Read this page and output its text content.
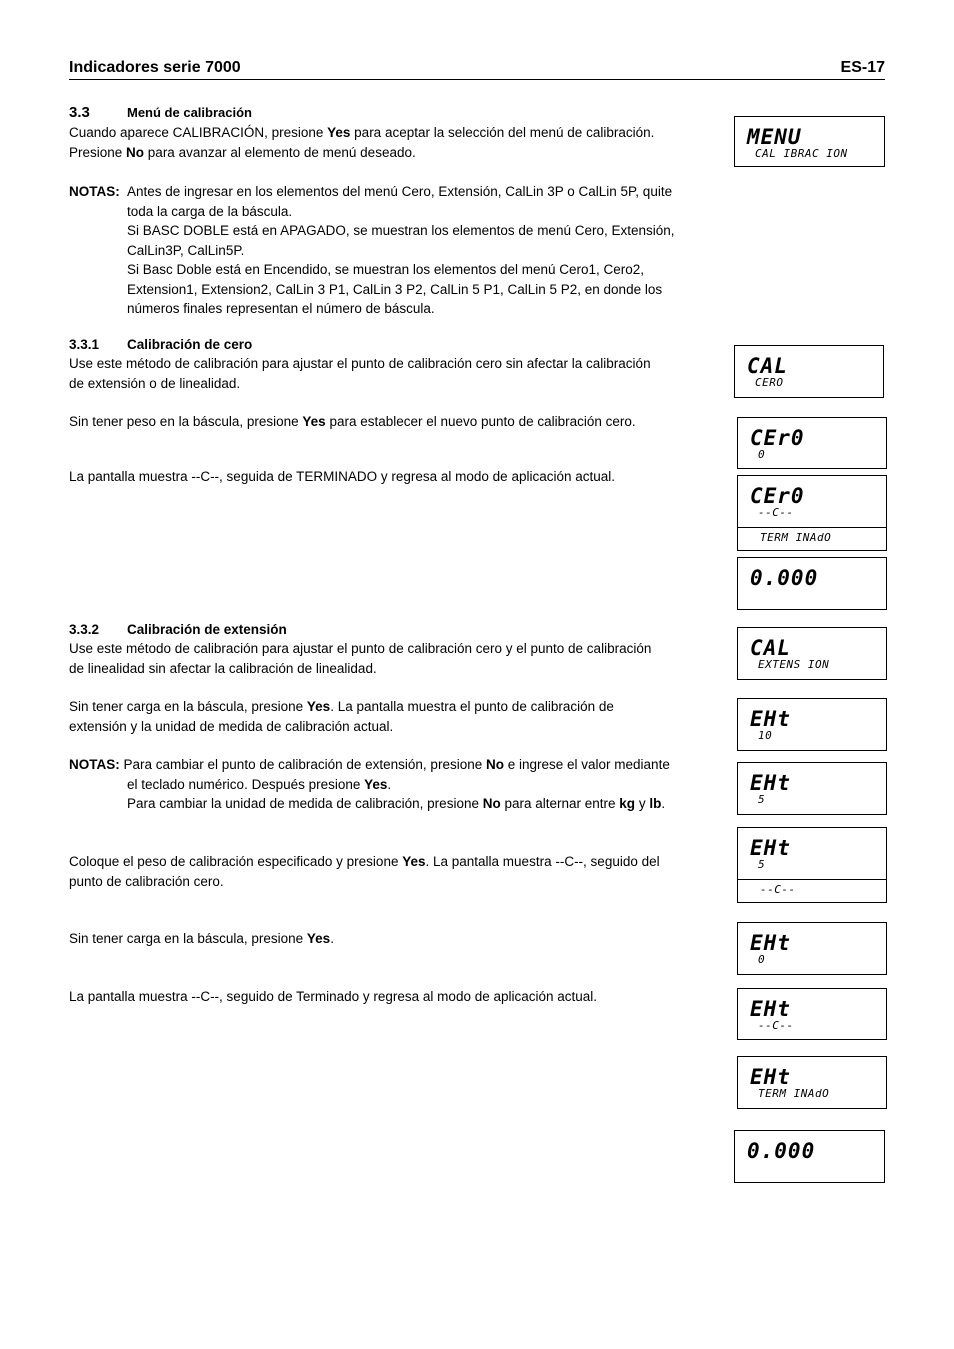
Indicadores serie 7000	ES-17
3.3	Menú de calibración
Cuando aparece CALIBRACIÓN, presione Yes para aceptar la selección del menú de calibración.
Presione No para avanzar al elemento de menú deseado.
NOTAS: Antes de ingresar en los elementos del menú Cero, Extensión, CalLin 3P o CalLin 5P, quite

toda la carga de la báscula.
Si BASC DOBLE está en APAGADO, se muestran los elementos de menú Cero, Extensión,
CalLin3P, CalLin5P.
Si Basc Doble está en Encendido, se muestran los elementos del menú Cero1, Cero2,
Extension1, Extension2, CalLin 3 P1, CalLin 3 P2, CalLin 5 P1, CalLin 5 P2, en donde los
números finales representan el número de báscula.
3.3.1 Calibración de cero
Use este método de calibración para ajustar el punto de calibración cero sin afectar la calibración
de extensión o de linealidad.
Sin tener peso en la báscula, presione Yes para establecer el nuevo punto de calibración cero.
La pantalla muestra --C--, seguida de TERMINADO y regresa al modo de aplicación actual.
3.3.2 Calibración de extensión
Use este método de calibración para ajustar el punto de calibración cero y el punto de calibración
de linealidad sin afectar la calibración de linealidad.
Sin tener carga en la báscula, presione Yes. La pantalla muestra el punto de calibración de
extensión y la unidad de medida de calibración actual.
NOTAS: Para cambiar el punto de calibración de extensión, presione No e ingrese el valor mediante

el teclado numérico. Después presione Yes.
Para cambiar la unidad de medida de calibración, presione No para alternar entre kg y lb.
Coloque el peso de calibración especificado y presione Yes. La pantalla muestra --C--, seguido del
punto de calibración cero.
Sin tener carga en la báscula, presione Yes.
La pantalla muestra --C--, seguido de Terminado y regresa al modo de aplicación actual.
MENU
CAL IBRAC ION
CAL
CERO
CEr0
0
CEr0
--C--
TERM INAdO
0.000
CAL
EXTENS ION
EHt
10
EHt
5
EHt
5
--C--
EHt
0
EHt
--C--
EHt
TERM INAdO
0.000
